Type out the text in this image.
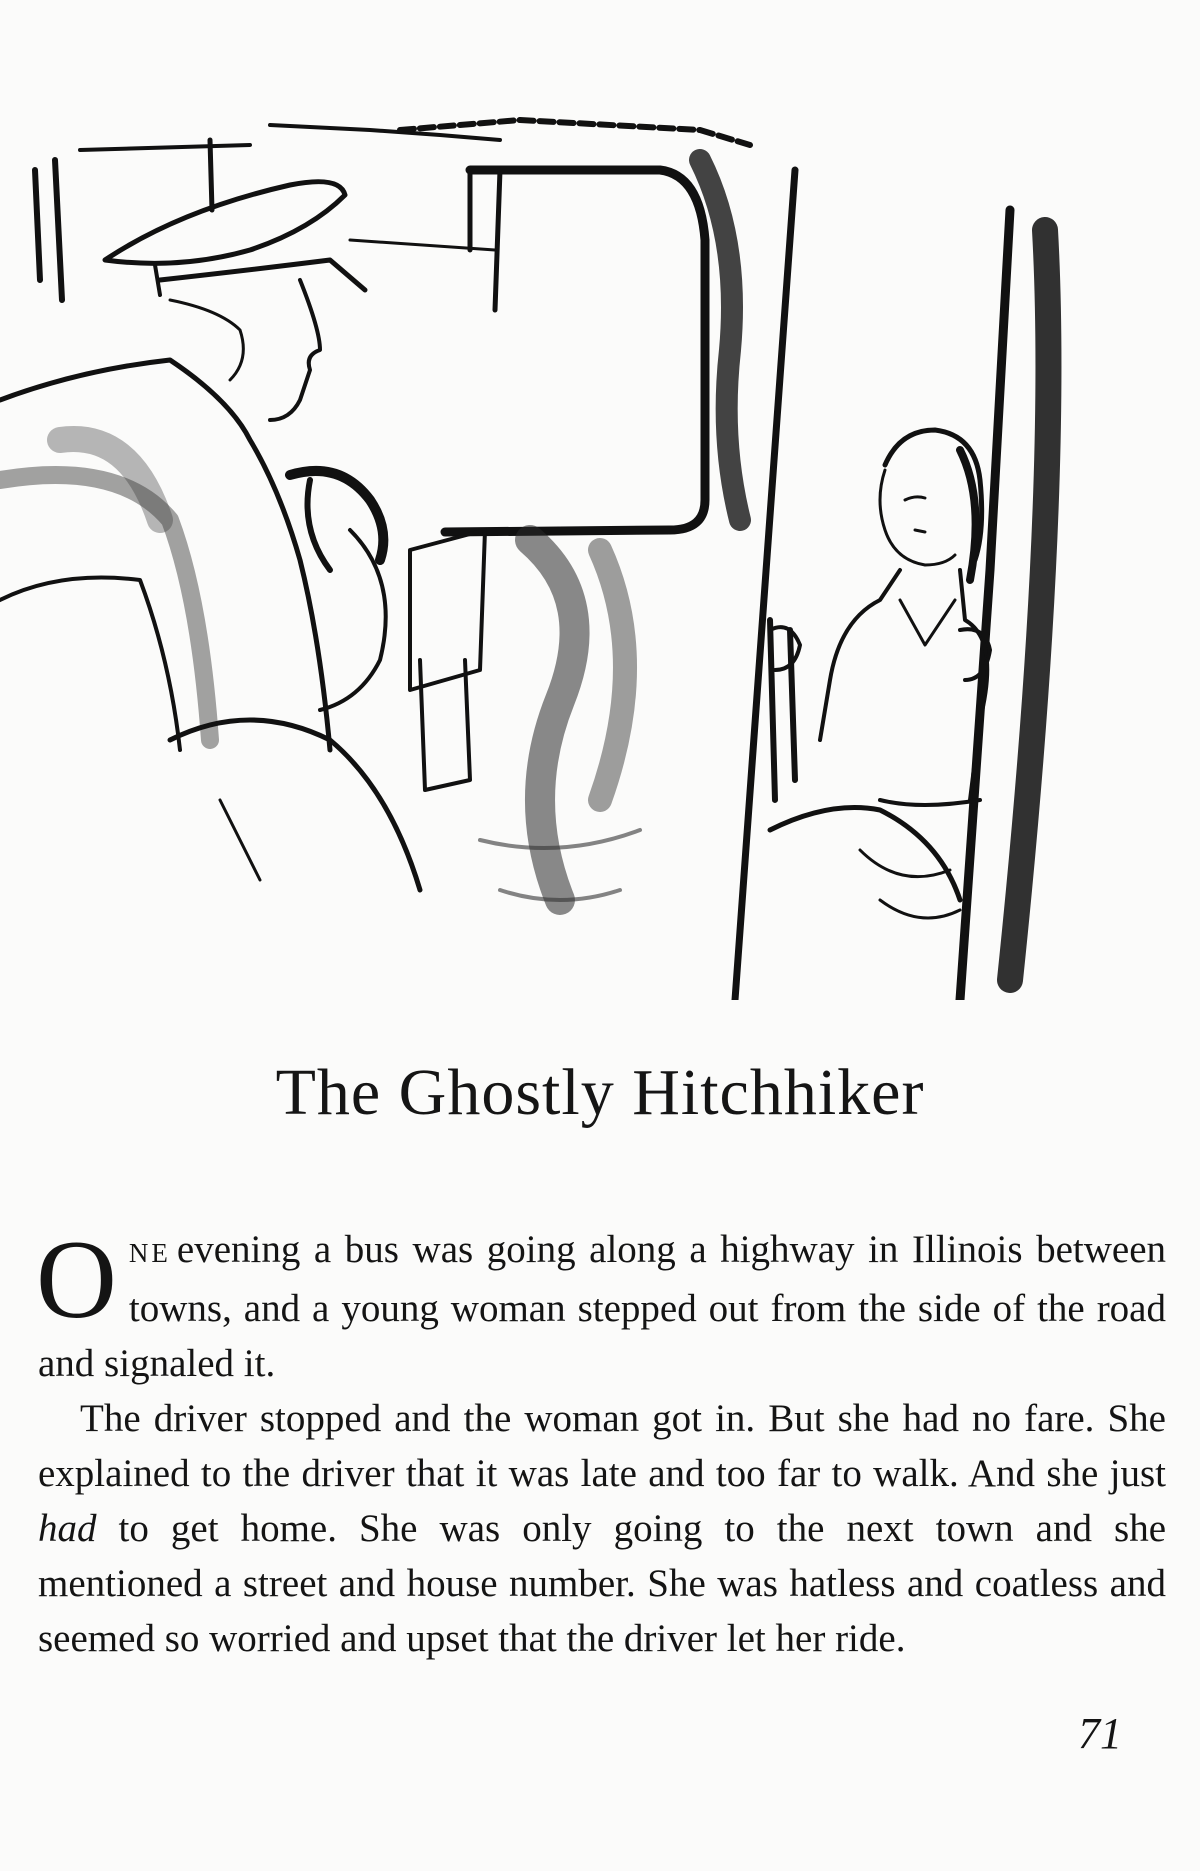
The Ghostly Hitchhiker

ONE evening a bus was going along a highway in Illinois between towns, and a young woman stepped out from the side of the road and signaled it.

The driver stopped and the woman got in. But she had no fare. She explained to the driver that it was late and too far to walk. And she just had to get home. She was only going to the next town and she mentioned a street and house number. She was hatless and coatless and seemed so worried and upset that the driver let her ride.

71
